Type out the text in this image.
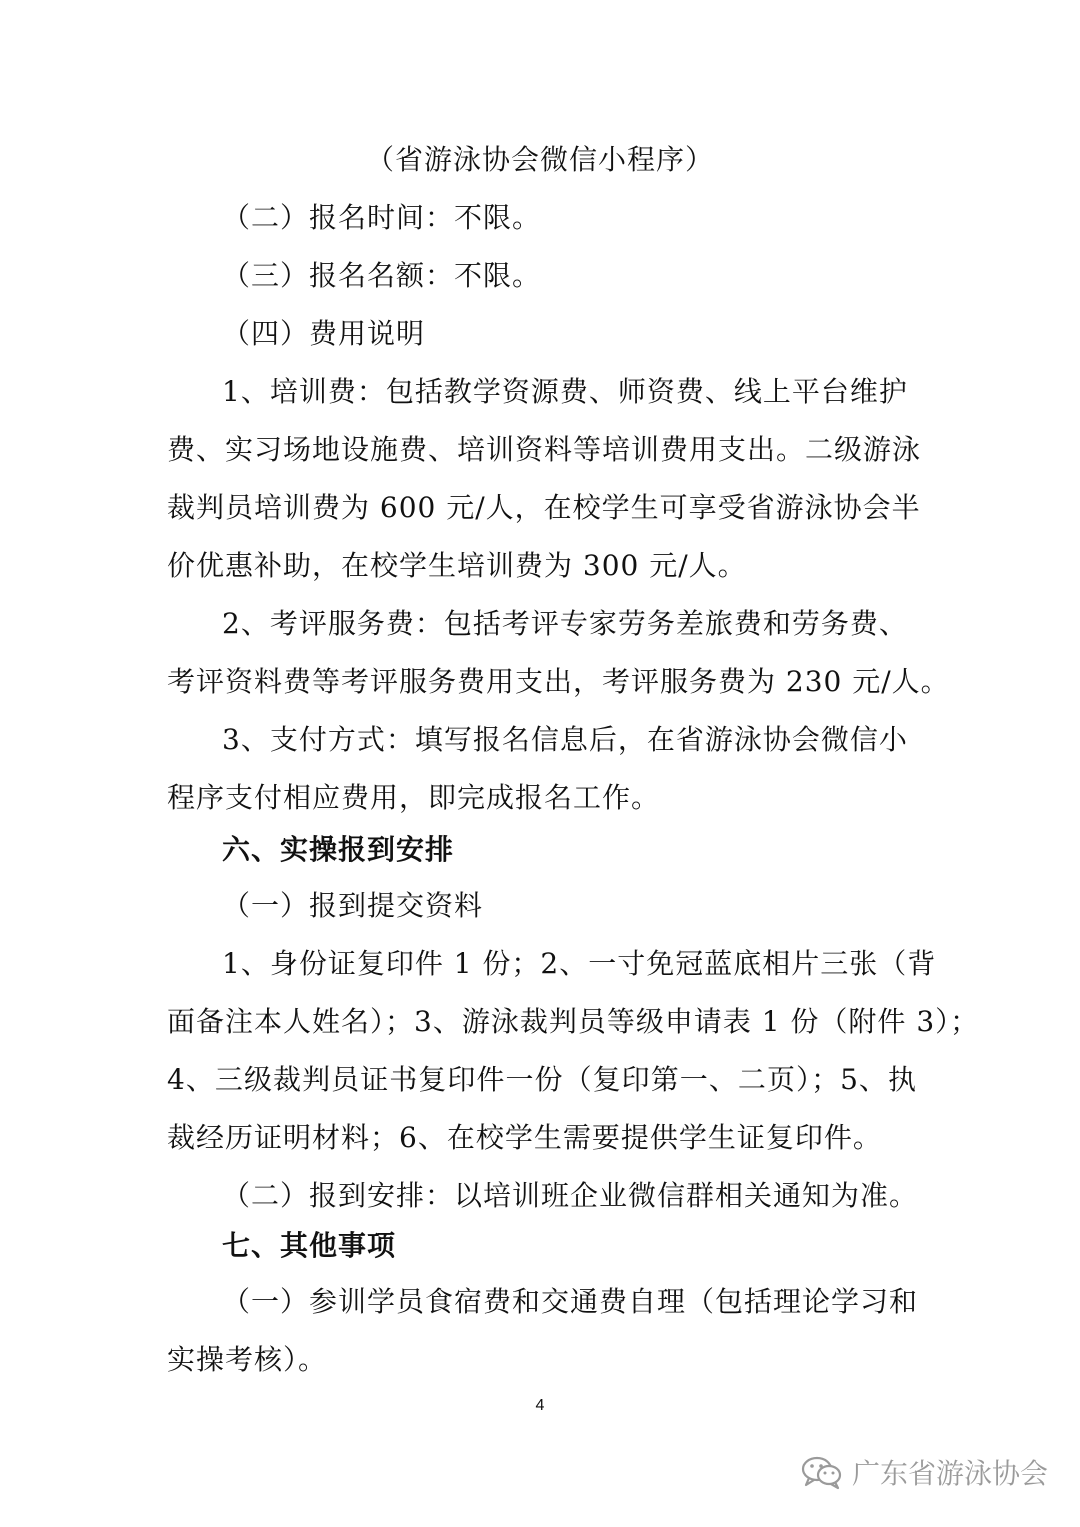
（省游泳协会微信小程序）
（二）报名时间：不限。
（三）报名名额：不限。
（四）费用说明
1、培训费：包括教学资源费、师资费、线上平台维护
费、实习场地设施费、培训资料等培训费用支出。二级游泳
裁判员培训费为 600 元/人，在校学生可享受省游泳协会半
价优惠补助，在校学生培训费为 300 元/人。
2、考评服务费：包括考评专家劳务差旅费和劳务费、
考评资料费等考评服务费用支出，考评服务费为 230 元/人。
3、支付方式：填写报名信息后，在省游泳协会微信小
程序支付相应费用，即完成报名工作。
六、实操报到安排
（一）报到提交资料
1、身份证复印件 1 份；2、一寸免冠蓝底相片三张（背
面备注本人姓名）；3、游泳裁判员等级申请表 1 份（附件 3）；
4、三级裁判员证书复印件一份（复印第一、二页）；5、执
裁经历证明材料；6、在校学生需要提供学生证复印件。
（二）报到安排：以培训班企业微信群相关通知为准。
七、其他事项
（一）参训学员食宿费和交通费自理（包括理论学习和
实操考核）。
4
广东省游泳协会
